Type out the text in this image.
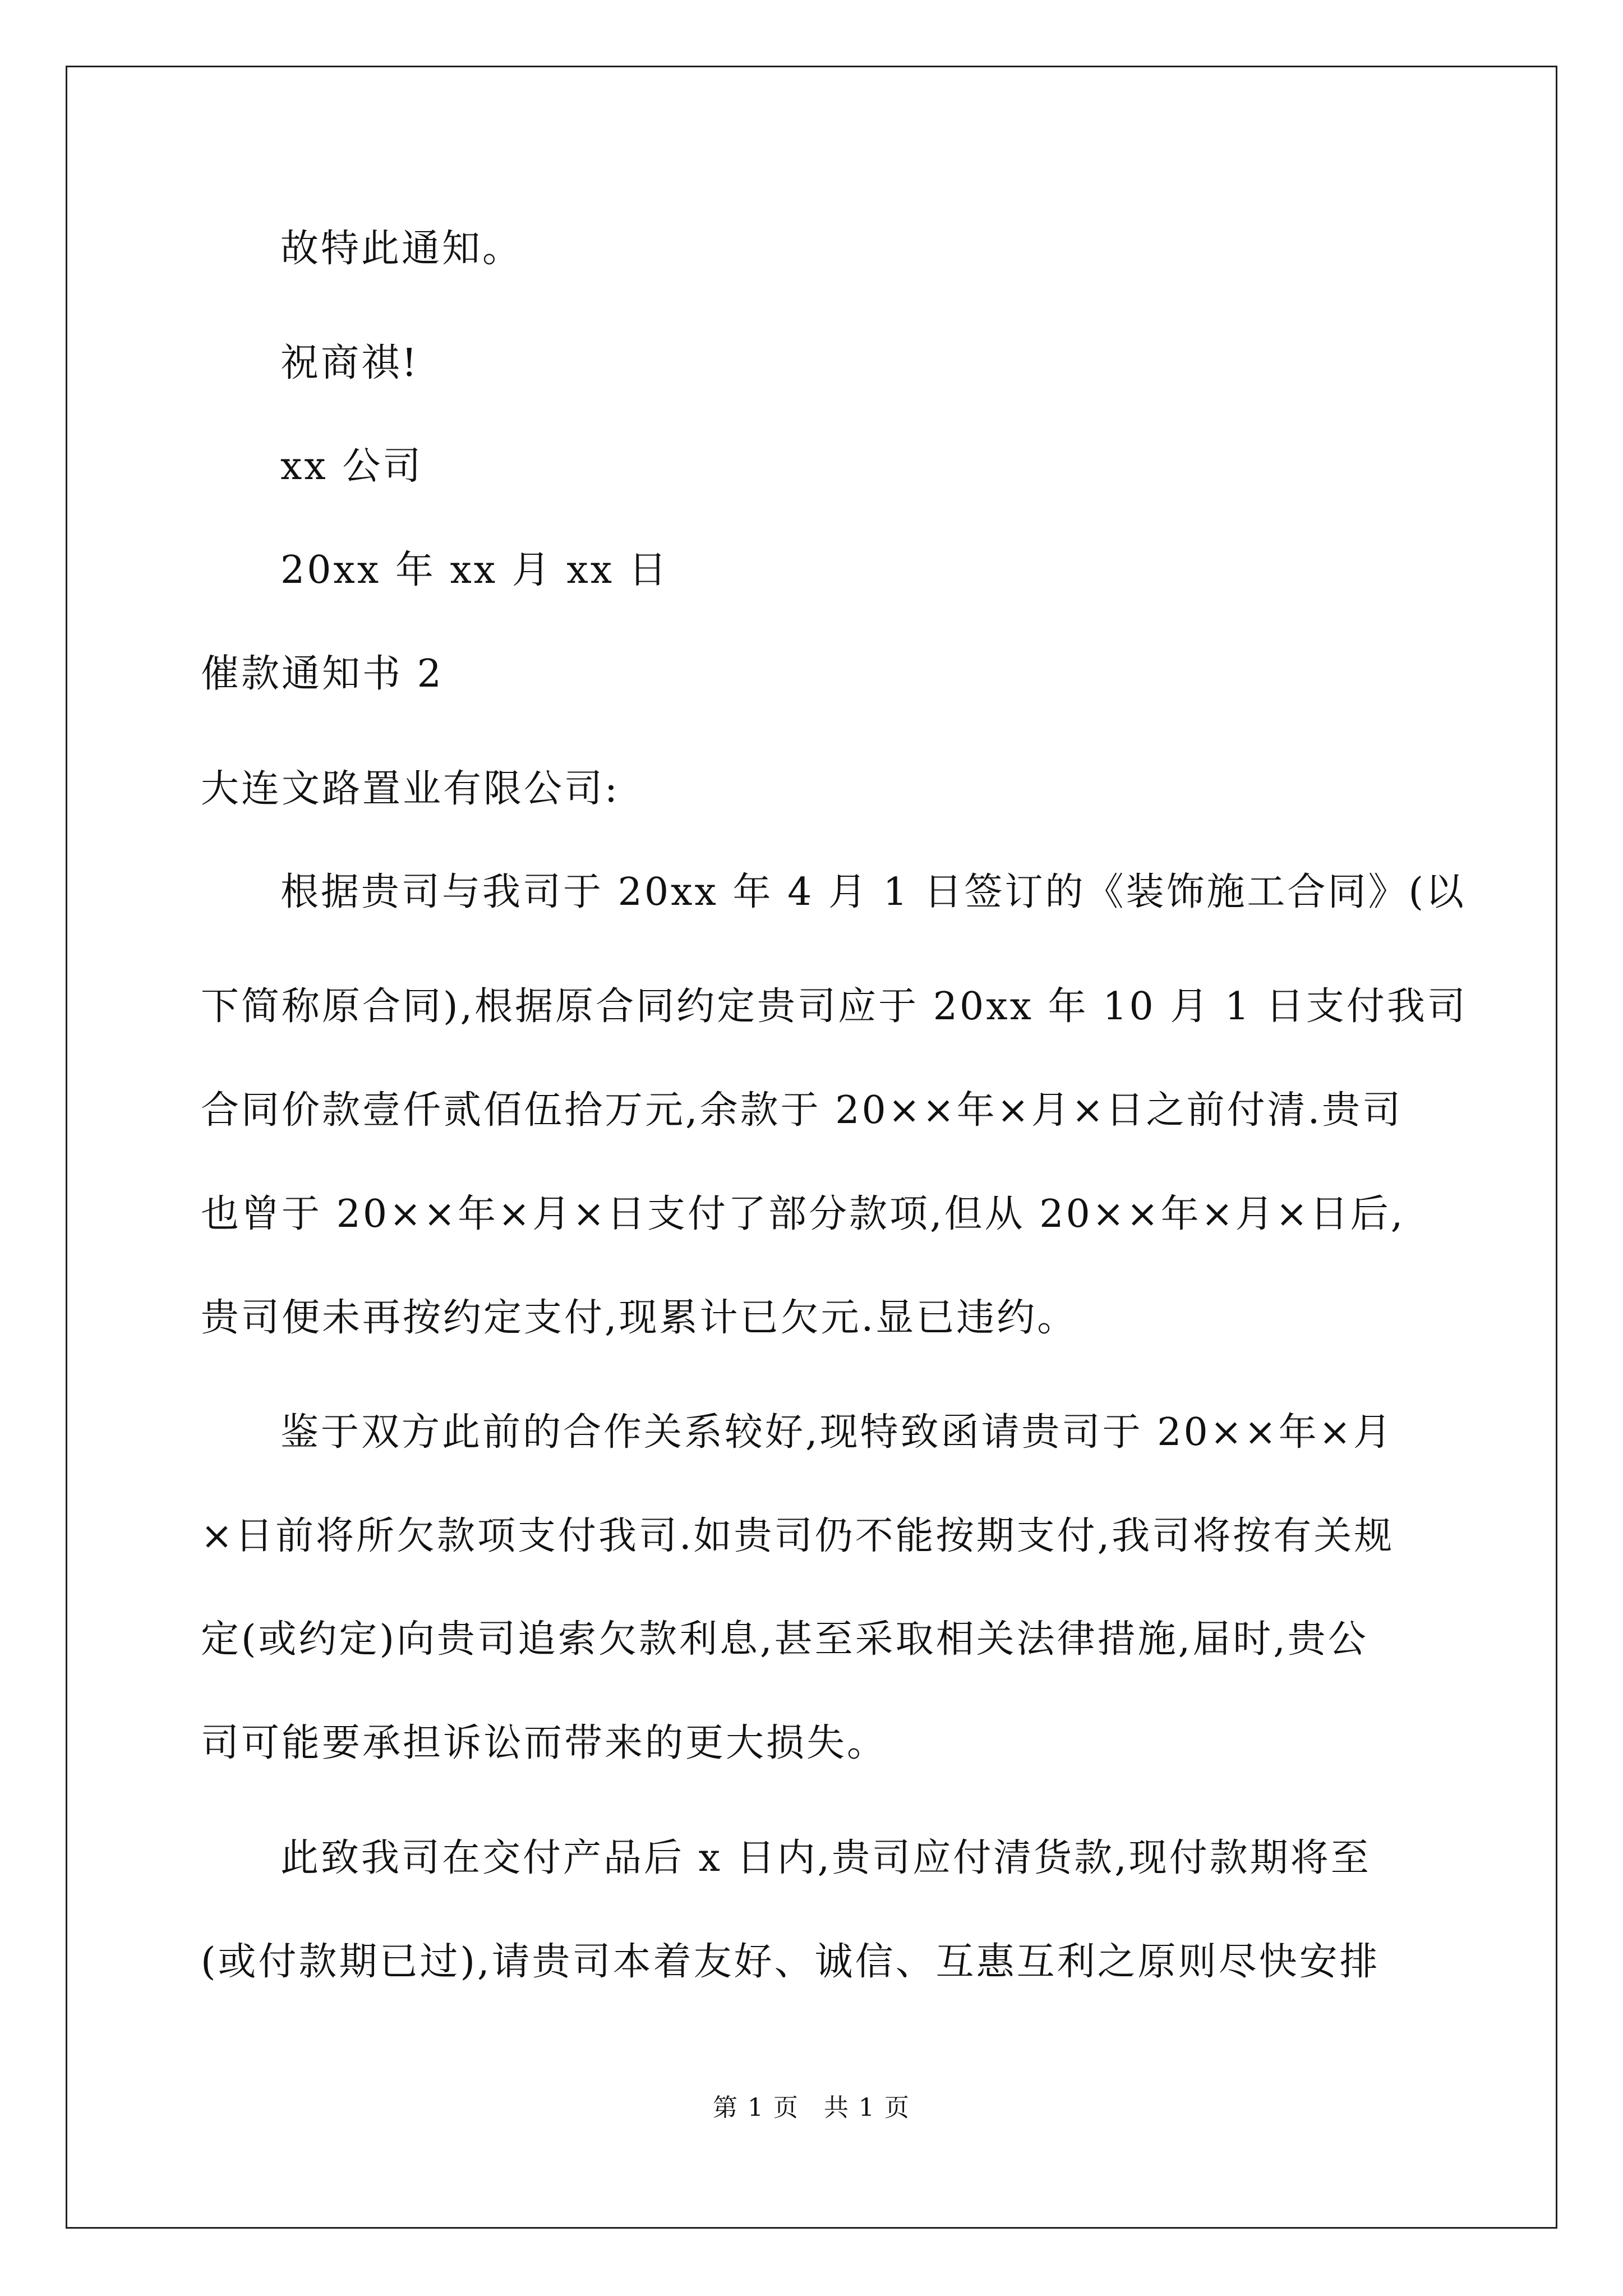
故特此通知。
祝商祺!
xx 公司
20xx 年 xx 月 xx 日
催款通知书 2
大连文路置业有限公司:
根据贵司与我司于 20xx 年 4 月 1 日签订的《装饰施工合同》(以
下简称原合同),根据原合同约定贵司应于 20xx 年 10 月 1 日支付我司
合同价款壹仟贰佰伍拾万元,余款于 20××年×月×日之前付清.贵司
也曾于 20××年×月×日支付了部分款项,但从 20××年×月×日后,
贵司便未再按约定支付,现累计已欠元.显已违约。
鉴于双方此前的合作关系较好,现特致函请贵司于 20××年×月
×日前将所欠款项支付我司.如贵司仍不能按期支付,我司将按有关规
定(或约定)向贵司追索欠款利息,甚至采取相关法律措施,届时,贵公
司可能要承担诉讼而带来的更大损失。
此致我司在交付产品后 x 日内,贵司应付清货款,现付款期将至
(或付款期已过),请贵司本着友好、诚信、互惠互利之原则尽快安排
第 1 页 共 1 页
